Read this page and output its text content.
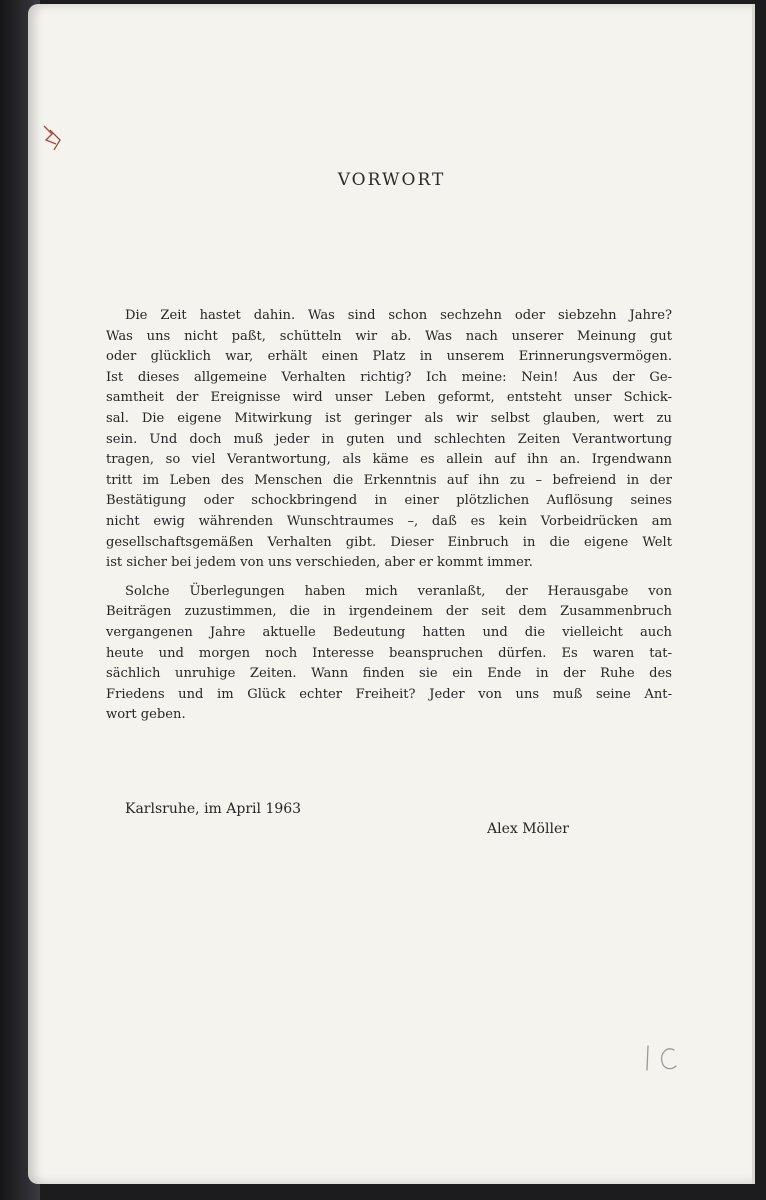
VORWORT
Die Zeit hastet dahin. Was sind schon sechzehn oder siebzehn Jahre?
Was uns nicht paßt, schütteln wir ab. Was nach unserer Meinung gut
oder glücklich war, erhält einen Platz in unserem Erinnerungsvermögen.
Ist dieses allgemeine Verhalten richtig? Ich meine: Nein! Aus der Ge-
samtheit der Ereignisse wird unser Leben geformt, entsteht unser Schick-
sal. Die eigene Mitwirkung ist geringer als wir selbst glauben, wert zu
sein. Und doch muß jeder in guten und schlechten Zeiten Verantwortung
tragen, so viel Verantwortung, als käme es allein auf ihn an. Irgendwann
tritt im Leben des Menschen die Erkenntnis auf ihn zu – befreiend in der
Bestätigung oder schockbringend in einer plötzlichen Auflösung seines
nicht ewig währenden Wunschtraumes –, daß es kein Vorbeidrücken am
gesellschaftsgemäßen Verhalten gibt. Dieser Einbruch in die eigene Welt
ist sicher bei jedem von uns verschieden, aber er kommt immer.
Solche Überlegungen haben mich veranlaßt, der Herausgabe von
Beiträgen zuzustimmen, die in irgendeinem der seit dem Zusammenbruch
vergangenen Jahre aktuelle Bedeutung hatten und die vielleicht auch
heute und morgen noch Interesse beanspruchen dürfen. Es waren tat-
sächlich unruhige Zeiten. Wann finden sie ein Ende in der Ruhe des
Friedens und im Glück echter Freiheit? Jeder von uns muß seine Ant-
wort geben.
Karlsruhe, im April 1963
Alex Möller
